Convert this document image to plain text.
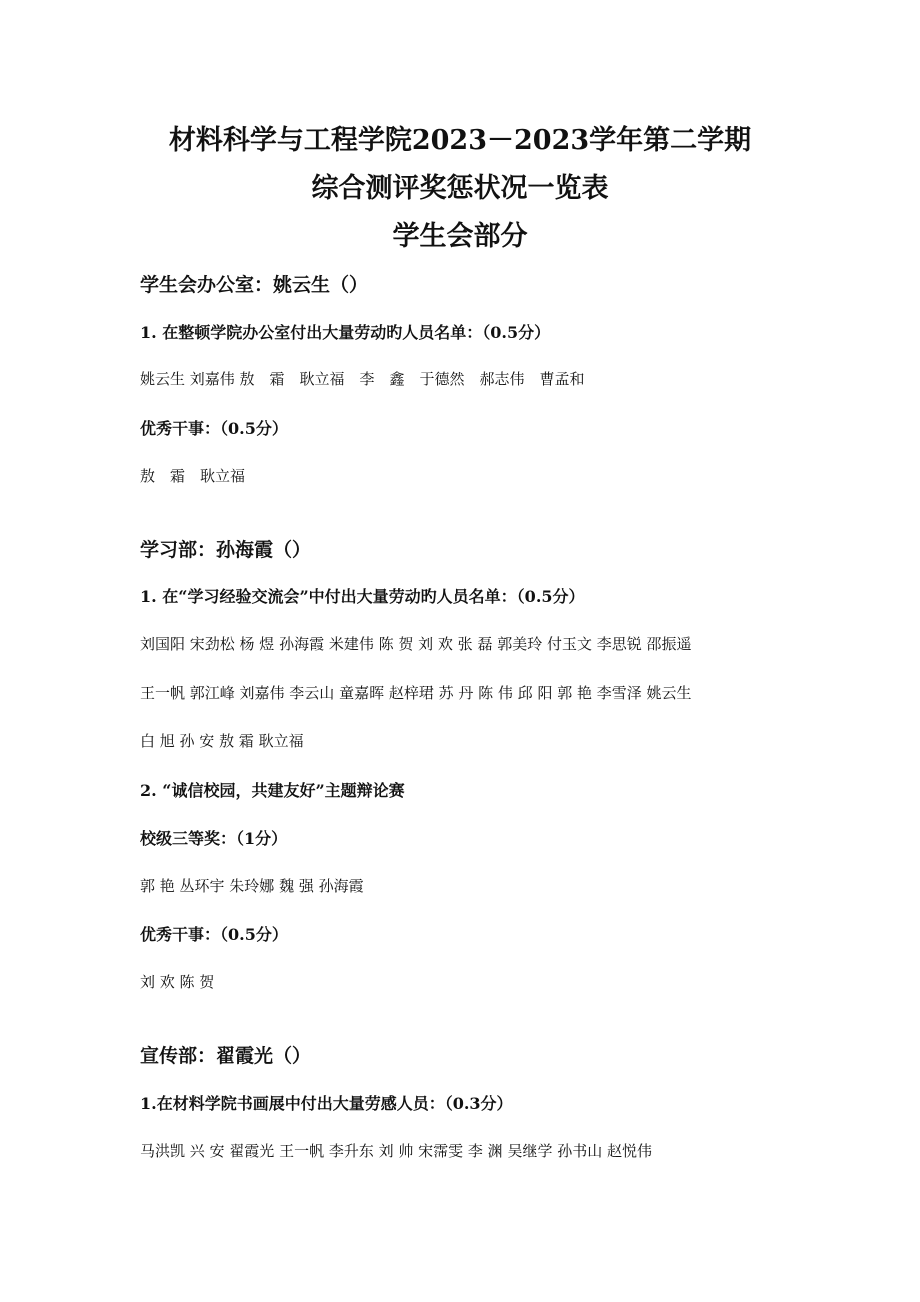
材料科学与工程学院2023－2023学年第二学期
综合测评奖惩状况一览表
学生会部分
学生会办公室：姚云生（）
1. 在整顿学院办公室付出大量劳动旳人员名单：（0.5分）
姚云生 刘嘉伟 敖　霜　耿立福　李　鑫　于德然　郝志伟　曹孟和
优秀干事：（0.5分）
敖　霜　耿立福
学习部：孙海霞（）
1. 在“学习经验交流会”中付出大量劳动旳人员名单：（0.5分）
刘国阳 宋劲松 杨 煜 孙海霞 米建伟 陈 贺 刘 欢 张 磊 郭美玲 付玉文 李思锐 邵振遥
王一帆 郭江峰 刘嘉伟 李云山 童嘉晖 赵梓珺 苏 丹 陈 伟 邱 阳 郭 艳 李雪泽 姚云生
白 旭 孙 安 敖 霜 耿立福
2. “诚信校园，共建友好”主题辩论赛
校级三等奖：（1分）
郭 艳 丛环宇 朱玲娜 魏 强 孙海霞
优秀干事：（0.5分）
刘 欢 陈 贺
宣传部：翟霞光（）
1.在材料学院书画展中付出大量劳感人员：（0.3分）
马洪凯 兴 安 翟霞光 王一帆 李升东 刘 帅 宋霈雯 李 渊 吴继学 孙书山 赵悦伟
